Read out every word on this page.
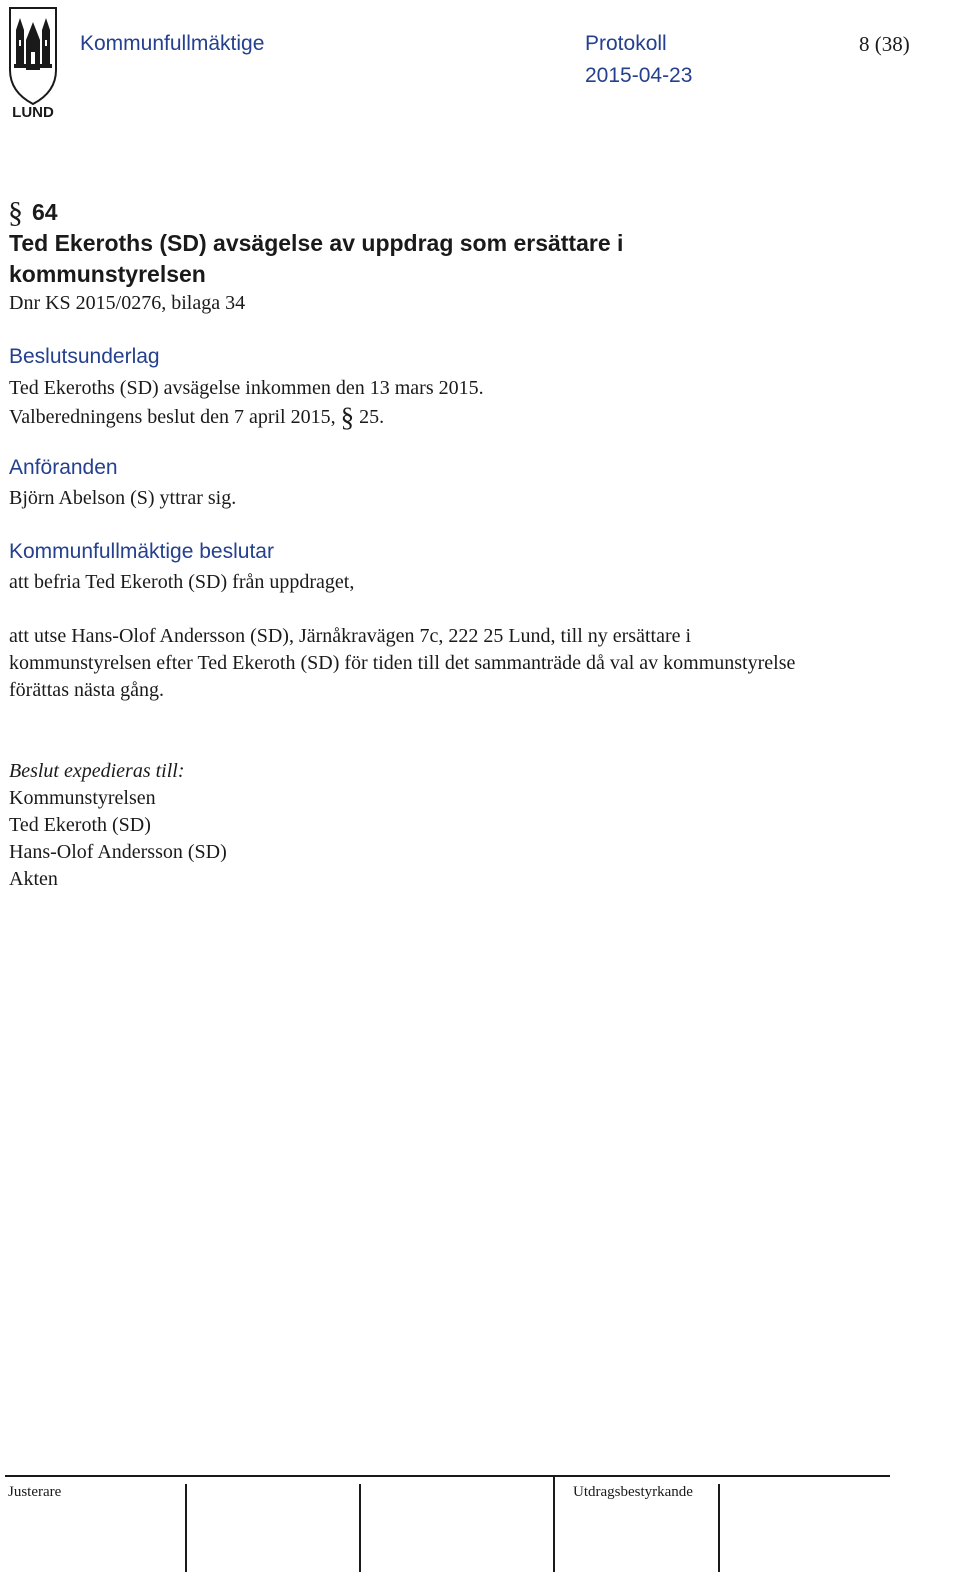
LUND
Kommunfullmäktige	Protokoll	8 (38)
2015-04-23
§ 64
Ted Ekeroths (SD) avsägelse av uppdrag som ersättare i
kommunstyrelsen
Dnr KS 2015/0276, bilaga 34
Beslutsunderlag
Ted Ekeroths (SD) avsägelse inkommen den 13 mars 2015.
Valberedningens beslut den 7 april 2015, § 25.
Anföranden
Björn Abelson (S) yttrar sig.
Kommunfullmäktige beslutar
att befria Ted Ekeroth (SD) från uppdraget,
att utse Hans-Olof Andersson (SD), Järnåkravägen 7c, 222 25 Lund, till ny ersättare i
kommunstyrelsen efter Ted Ekeroth (SD) för tiden till det sammanträde då val av kommunstyrelse
förättas nästa gång.
Beslut expedieras till:
Kommunstyrelsen
Ted Ekeroth (SD)
Hans-Olof Andersson (SD)
Akten
Justerare	Utdragsbestyrkande
